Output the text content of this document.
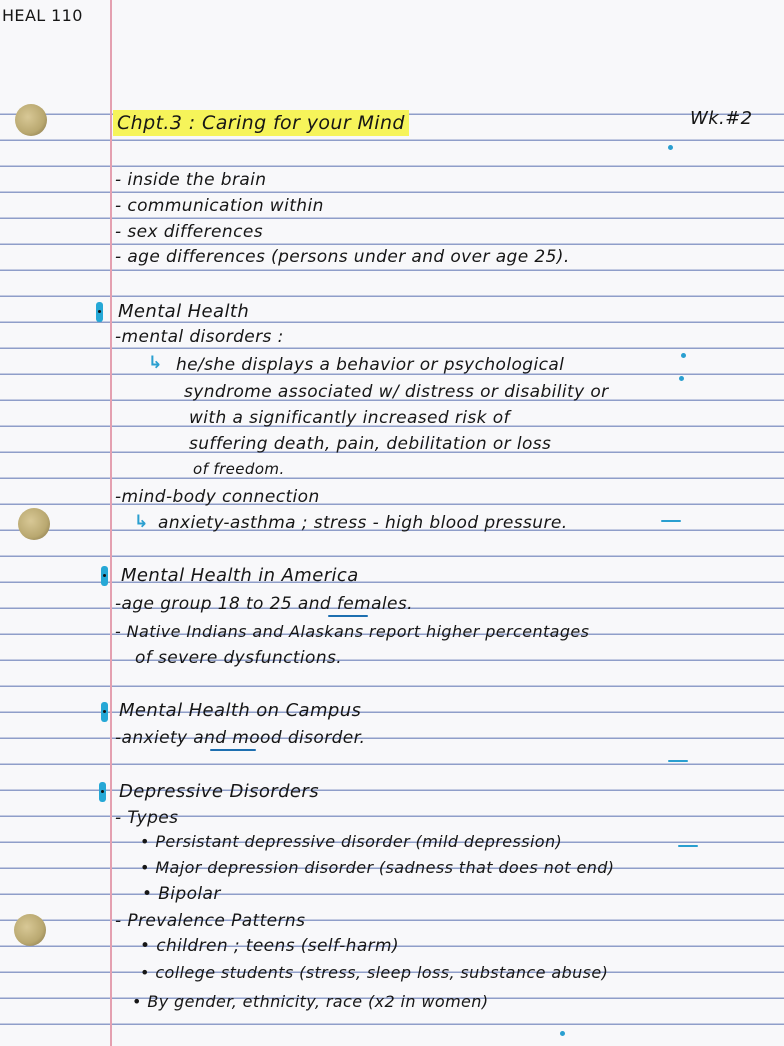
HEAL 110
Chpt.3 : Caring for your Mind	Wk.#2
- inside the brain
- communication within
- sex differences
- age differences (persons under and over age 25).
Mental Health
-mental disorders :
↳ he/she displays a behavior or psychological
syndrome associated w/ distress or disability or
with a significantly increased risk of
suffering death, pain, debilitation or loss
of freedom.
-mind-body connection
↳ anxiety-asthma ; stress - high blood pressure.
Mental Health in America
-age group 18 to 25 and females.
- Native Indians and Alaskans report higher percentages
of severe dysfunctions.
Mental Health on Campus
-anxiety and mood disorder.
Depressive Disorders
- Types
• Persistant depressive disorder (mild depression)
• Major depression disorder (sadness that does not end)
• Bipolar
- Prevalence Patterns
• children ; teens (self-harm)
• college students (stress, sleep loss, substance abuse)
• By gender, ethnicity, race (x2 in women)
